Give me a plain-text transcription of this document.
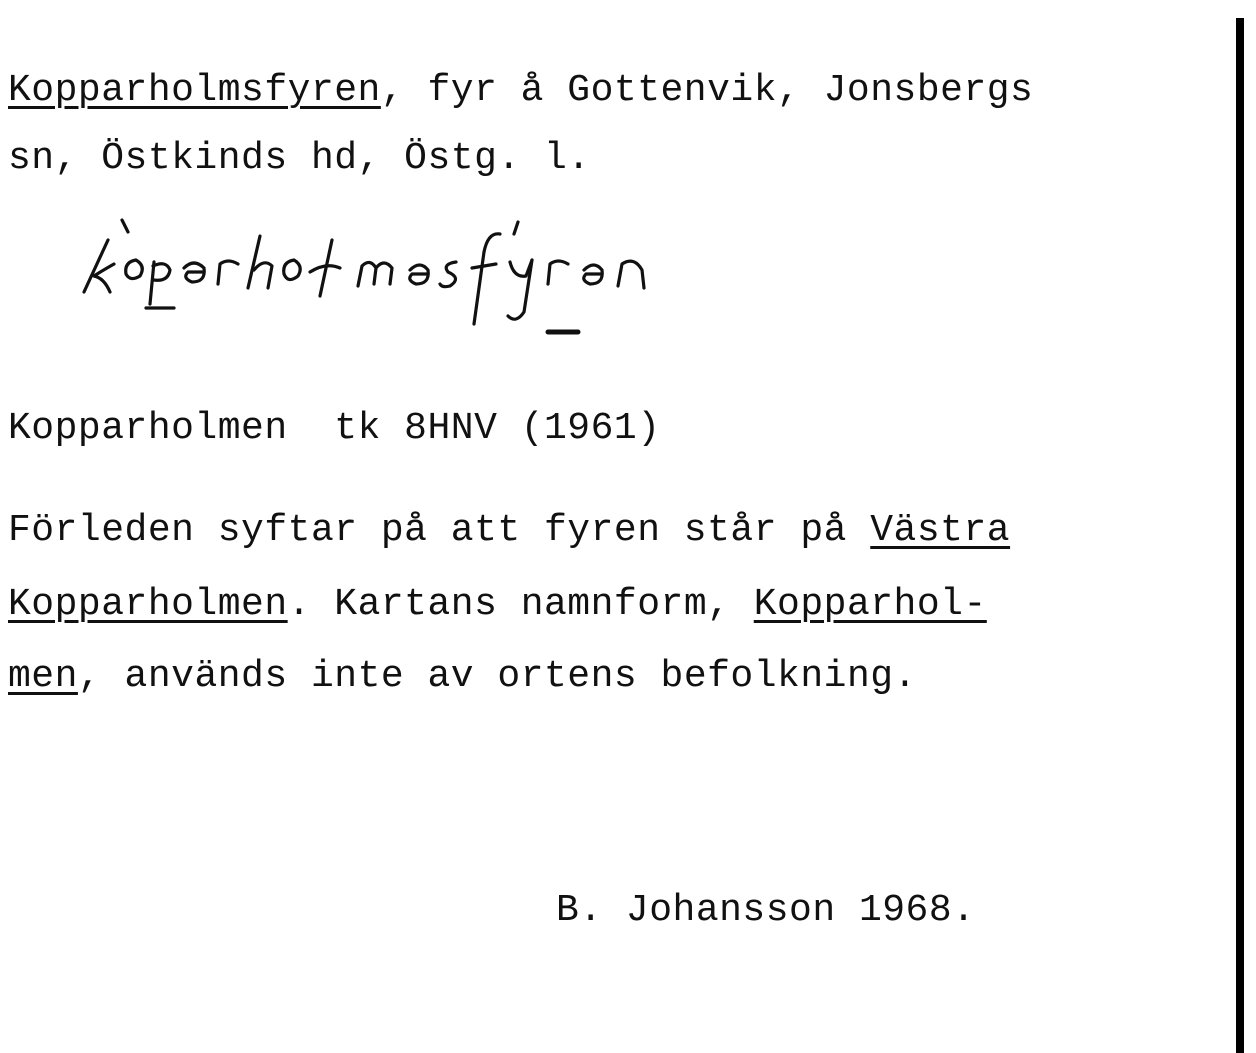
Kopparholmsfyren, fyr å Gottenvik, Jonsbergs
sn, Östkinds hd, Östg. l.
Kopparholmen tk 8HNV (1961)
Förleden syftar på att fyren står på Västra
Kopparholmen. Kartans namnform, Kopparhol-
men, används inte av ortens befolkning.
B. Johansson 1968.
